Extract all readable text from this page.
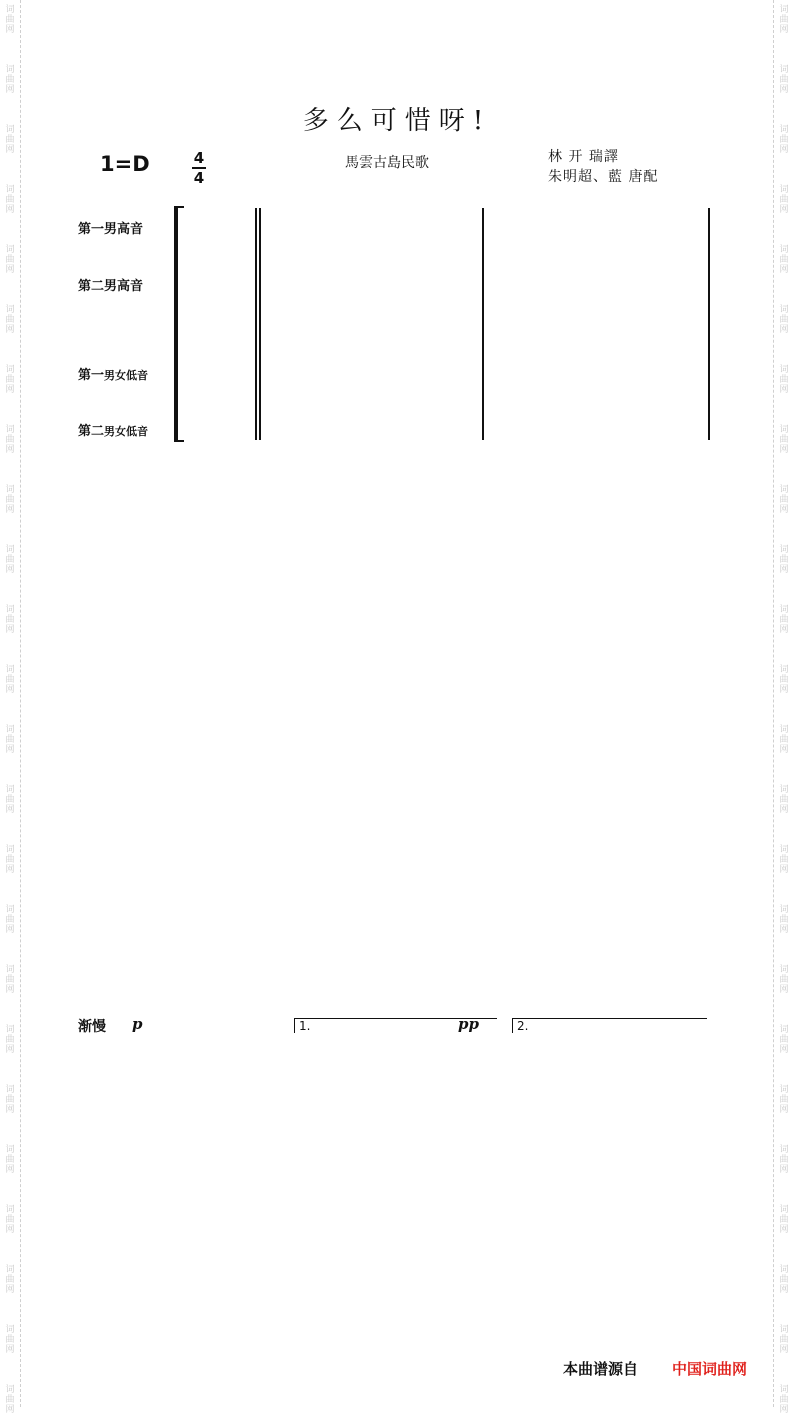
词曲网
词曲网
词曲网
词曲网
词曲网
词曲网
词曲网
词曲网
词曲网
词曲网
词曲网
词曲网
词曲网
词曲网
词曲网
词曲网
词曲网
词曲网
词曲网
词曲网
词曲网
词曲网
词曲网
词曲网
词曲网
词曲网
词曲网
词曲网
词曲网
词曲网
词曲网
词曲网
词曲网
词曲网
词曲网
词曲网
词曲网
词曲网
词曲网
词曲网
词曲网
词曲网
词曲网
词曲网
词曲网
词曲网
词曲网
词曲网
多么可惜呀!
1=D	4
4
馬雲古島民歌	林 开 瑞譯
朱明超、藍 唐配
第一男高音
第二男高音
第一男女低音
第二男女低音
渐慢 p	pp
1.	2.
本曲谱源自 中国词曲网
